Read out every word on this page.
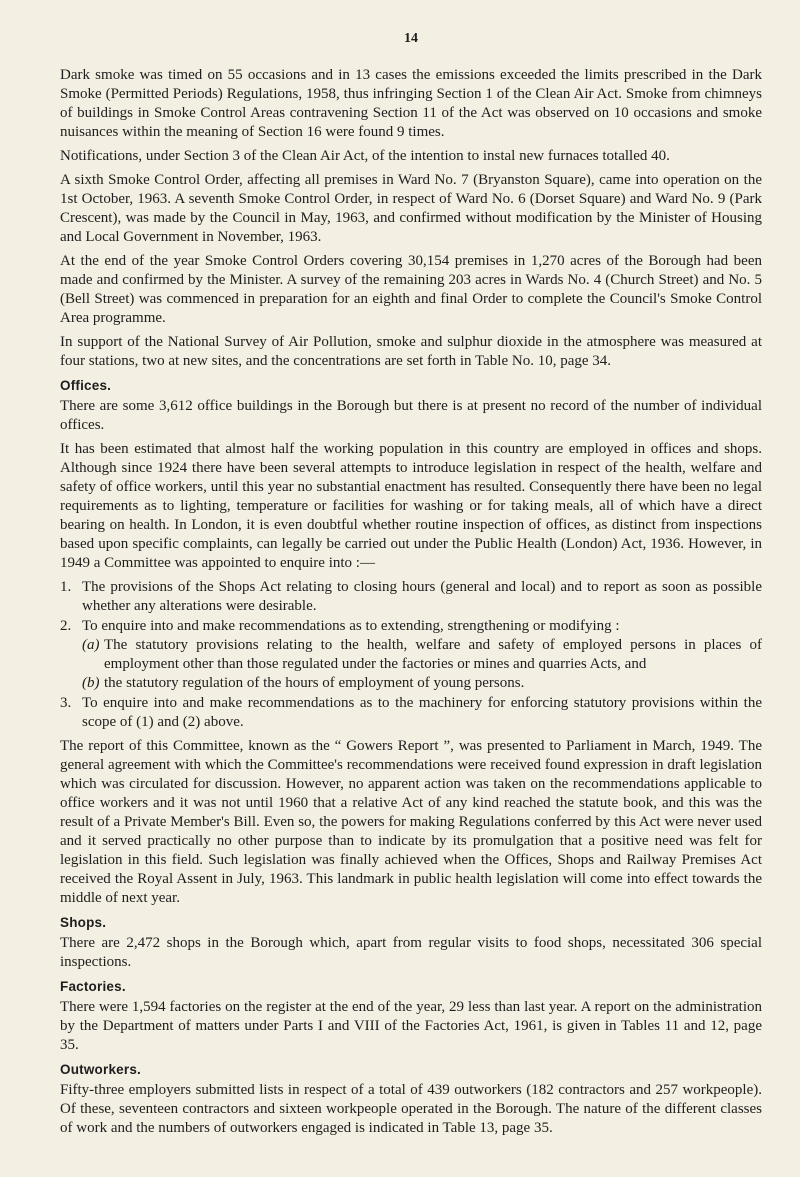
14

Dark smoke was timed on 55 occasions and in 13 cases the emissions exceeded the limits prescribed in the Dark Smoke (Permitted Periods) Regulations, 1958, thus infringing Section 1 of the Clean Air Act. Smoke from chimneys of buildings in Smoke Control Areas contravening Section 11 of the Act was observed on 10 occasions and smoke nuisances within the meaning of Section 16 were found 9 times.

Notifications, under Section 3 of the Clean Air Act, of the intention to instal new furnaces totalled 40.

A sixth Smoke Control Order, affecting all premises in Ward No. 7 (Bryanston Square), came into operation on the 1st October, 1963. A seventh Smoke Control Order, in respect of Ward No. 6 (Dorset Square) and Ward No. 9 (Park Crescent), was made by the Council in May, 1963, and confirmed without modification by the Minister of Housing and Local Government in November, 1963.

At the end of the year Smoke Control Orders covering 30,154 premises in 1,270 acres of the Borough had been made and confirmed by the Minister. A survey of the remaining 203 acres in Wards No. 4 (Church Street) and No. 5 (Bell Street) was commenced in preparation for an eighth and final Order to complete the Council's Smoke Control Area programme.

In support of the National Survey of Air Pollution, smoke and sulphur dioxide in the atmosphere was measured at four stations, two at new sites, and the concentrations are set forth in Table No. 10, page 34.

Offices.

There are some 3,612 office buildings in the Borough but there is at present no record of the number of individual offices.

It has been estimated that almost half the working population in this country are employed in offices and shops. Although since 1924 there have been several attempts to introduce legislation in respect of the health, welfare and safety of office workers, until this year no substantial enactment has resulted. Consequently there have been no legal requirements as to lighting, temperature or facilities for washing or for taking meals, all of which have a direct bearing on health. In London, it is even doubtful whether routine inspection of offices, as distinct from inspections based upon specific complaints, can legally be carried out under the Public Health (London) Act, 1936. However, in 1949 a Committee was appointed to enquire into :—

1. The provisions of the Shops Act relating to closing hours (general and local) and to report as soon as possible whether any alterations were desirable.
2. To enquire into and make recommendations as to extending, strengthening or modifying :
(a) The statutory provisions relating to the health, welfare and safety of employed persons in places of employment other than those regulated under the factories or mines and quarries Acts, and
(b) the statutory regulation of the hours of employment of young persons.
3. To enquire into and make recommendations as to the machinery for enforcing statutory provisions within the scope of (1) and (2) above.

The report of this Committee, known as the “ Gowers Report ”, was presented to Parliament in March, 1949. The general agreement with which the Committee's recommendations were received found expression in draft legislation which was circulated for discussion. However, no apparent action was taken on the recommendations applicable to office workers and it was not until 1960 that a relative Act of any kind reached the statute book, and this was the result of a Private Member's Bill. Even so, the powers for making Regulations conferred by this Act were never used and it served practically no other purpose than to indicate by its promulgation that a positive need was felt for legislation in this field. Such legislation was finally achieved when the Offices, Shops and Railway Premises Act received the Royal Assent in July, 1963. This landmark in public health legislation will come into effect towards the middle of next year.

Shops.

There are 2,472 shops in the Borough which, apart from regular visits to food shops, necessitated 306 special inspections.

Factories.

There were 1,594 factories on the register at the end of the year, 29 less than last year. A report on the administration by the Department of matters under Parts I and VIII of the Factories Act, 1961, is given in Tables 11 and 12, page 35.

Outworkers.

Fifty-three employers submitted lists in respect of a total of 439 outworkers (182 contractors and 257 workpeople). Of these, seventeen contractors and sixteen workpeople operated in the Borough. The nature of the different classes of work and the numbers of outworkers engaged is indicated in Table 13, page 35.
